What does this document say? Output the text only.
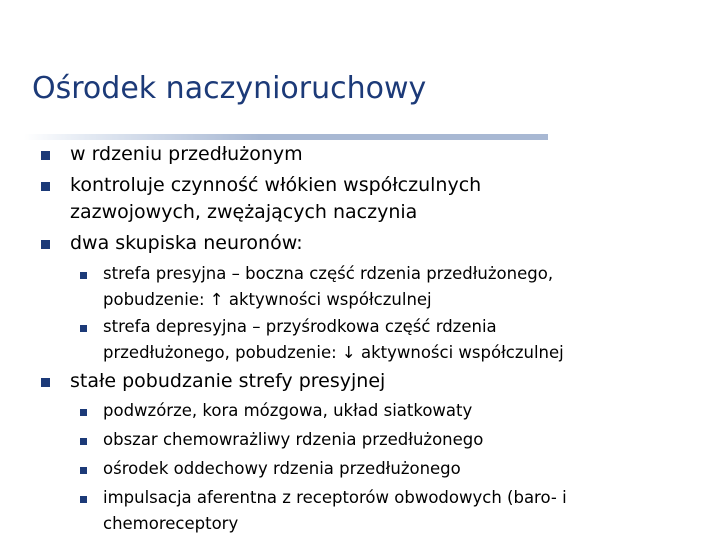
Ośrodek naczynioruchowy

w rdzeniu przedłużonym

kontroluje czynność włókien współczulnych
zazwojowych, zwężających naczynia

dwa skupiska neuronów:

strefa presyjna – boczna część rdzenia przedłużonego,
pobudzenie: ↑ aktywności współczulnej

strefa depresyjna – przyśrodkowa część rdzenia
przedłużonego, pobudzenie: ↓ aktywności współczulnej

stałe pobudzanie strefy presyjnej

podwzórze, kora mózgowa, układ siatkowaty

obszar chemowrażliwy rdzenia przedłużonego

ośrodek oddechowy rdzenia przedłużonego

impulsacja aferentna z receptorów obwodowych (baro- i
chemoreceptory
